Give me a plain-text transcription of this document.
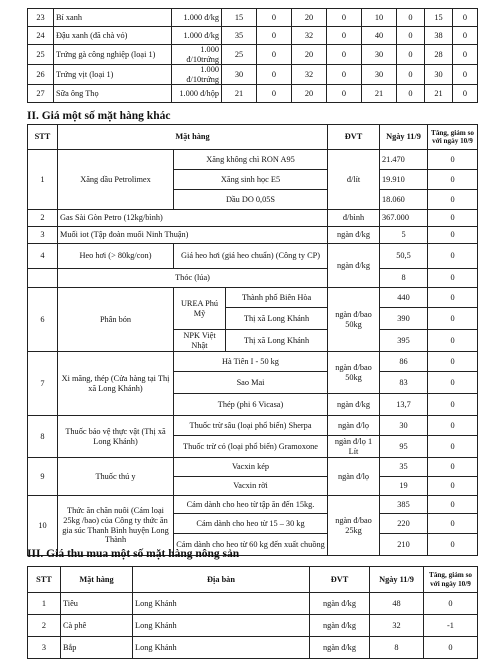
23	Bí xanh	1.000 đ/kg	15	0	20	0	10	0	15	0
24	Đậu xanh (đã chà vỏ)	1.000 đ/kg	35	0	32	0	40	0	38	0
25	Trứng gà công nghiệp (loại 1)	1.000 đ/10trứng	25	0	20	0	30	0	28	0
26	Trứng vịt (loại 1)	1.000 đ/10trứng	30	0	32	0	30	0	30	0
27	Sữa ông Thọ	1.000 đ/hộp	21	0	20	0	21	0	21	0
II. Giá một số mặt hàng khác
STT	Mặt hàng			ĐVT	Ngày 11/9	Tăng, giảm so với ngày 10/9
1	Xăng dầu Petrolimex	Xăng không chì RON A95		đ/lít	21.470	0
		Xăng sinh học E5			19.910	0
		Dầu DO 0,05S			18.060	0
2	Gas Sài Gòn Petro (12kg/bình)			đ/bình	367.000	0
3	Muối iot (Tập đoàn muối Ninh Thuận)			ngàn đ/kg	5	0
4	Heo hơi (> 80kg/con)	Giá heo hơi (giá heo chuẩn) (Công ty CP)		ngàn đ/kg	50,5	0
	Thóc (lúa)				8	0
6	Phân bón	UREA Phú Mỹ	Thành phố Biên Hòa	ngàn đ/bao 50kg	440	0
			Thị xã Long Khánh		390	0
		NPK Việt Nhật	Thị xã Long Khánh		395	0
7	Xi măng, thép (Cửa hàng tại Thị xã Long Khánh)	Hà Tiên I - 50 kg		ngàn đ/bao 50kg	86	0
		Sao Mai			83	0
		Thép (phi 6 Vicasa)		ngàn đ/kg	13,7	0
8	Thuốc bảo vệ thực vật (Thị xã Long Khánh)	Thuốc trừ sâu (loại phổ biến) Sherpa		ngàn đ/lọ	30	0
		Thuốc trừ cỏ (loại phổ biến) Gramoxone		ngàn đ/lọ 1 Lít	95	0
9	Thuốc thú y	Vacxin kép		ngàn đ/lọ	35	0
		Vacxin rời			19	0
10	Thức ăn chăn nuôi (Cám loại 25kg /bao) của Công ty thức ăn gia súc Thanh Bình huyện Long Thành	Cám dành cho heo từ tập ăn đến 15kg.		ngàn đ/bao 25kg	385	0
		Cám dành cho heo từ 15 – 30 kg			220	0
		Cám dành cho heo từ 60 kg đến xuất chuồng			210	0
III. Giá thu mua một số mặt hàng nông sản
STT	Mặt hàng	Địa bàn	ĐVT	Ngày 11/9	Tăng, giảm so với ngày 10/9
1	Tiêu	Long Khánh	ngàn đ/kg	48	0
2	Cà phê	Long Khánh	ngàn đ/kg	32	-1
3	Bắp	Long Khánh	ngàn đ/kg	8	0
